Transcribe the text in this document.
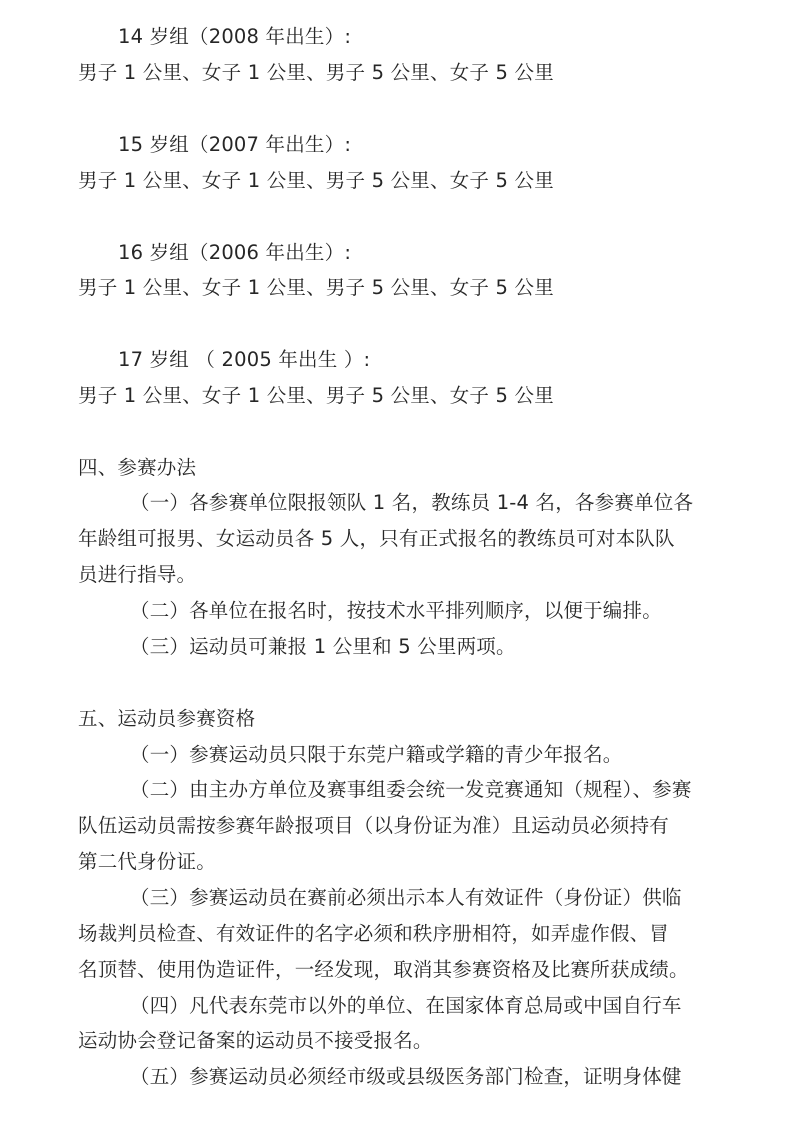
14 岁组（2008 年出生）:
男子 1 公里、女子 1 公里、男子 5 公里、女子 5 公里
15 岁组（2007 年出生）:
男子 1 公里、女子 1 公里、男子 5 公里、女子 5 公里
16 岁组（2006 年出生）:
男子 1 公里、女子 1 公里、男子 5 公里、女子 5 公里
17 岁组 （ 2005 年出生 ）:
男子 1 公里、女子 1 公里、男子 5 公里、女子 5 公里
四、参赛办法
（一）各参赛单位限报领队 1 名，教练员 1-4 名，各参赛单位各
年龄组可报男、女运动员各 5 人，只有正式报名的教练员可对本队队
员进行指导。
（二）各单位在报名时，按技术水平排列顺序，以便于编排。
（三）运动员可兼报 1 公里和 5 公里两项。
五、运动员参赛资格
（一）参赛运动员只限于东莞户籍或学籍的青少年报名。
（二）由主办方单位及赛事组委会统一发竞赛通知（规程）、参赛
队伍运动员需按参赛年龄报项目（以身份证为准）且运动员必须持有
第二代身份证。
（三）参赛运动员在赛前必须出示本人有效证件（身份证）供临
场裁判员检查、有效证件的名字必须和秩序册相符，如弄虚作假、冒
名顶替、使用伪造证件，一经发现，取消其参赛资格及比赛所获成绩。
（四）凡代表东莞市以外的单位、在国家体育总局或中国自行车
运动协会登记备案的运动员不接受报名。
（五）参赛运动员必须经市级或县级医务部门检查，证明身体健
